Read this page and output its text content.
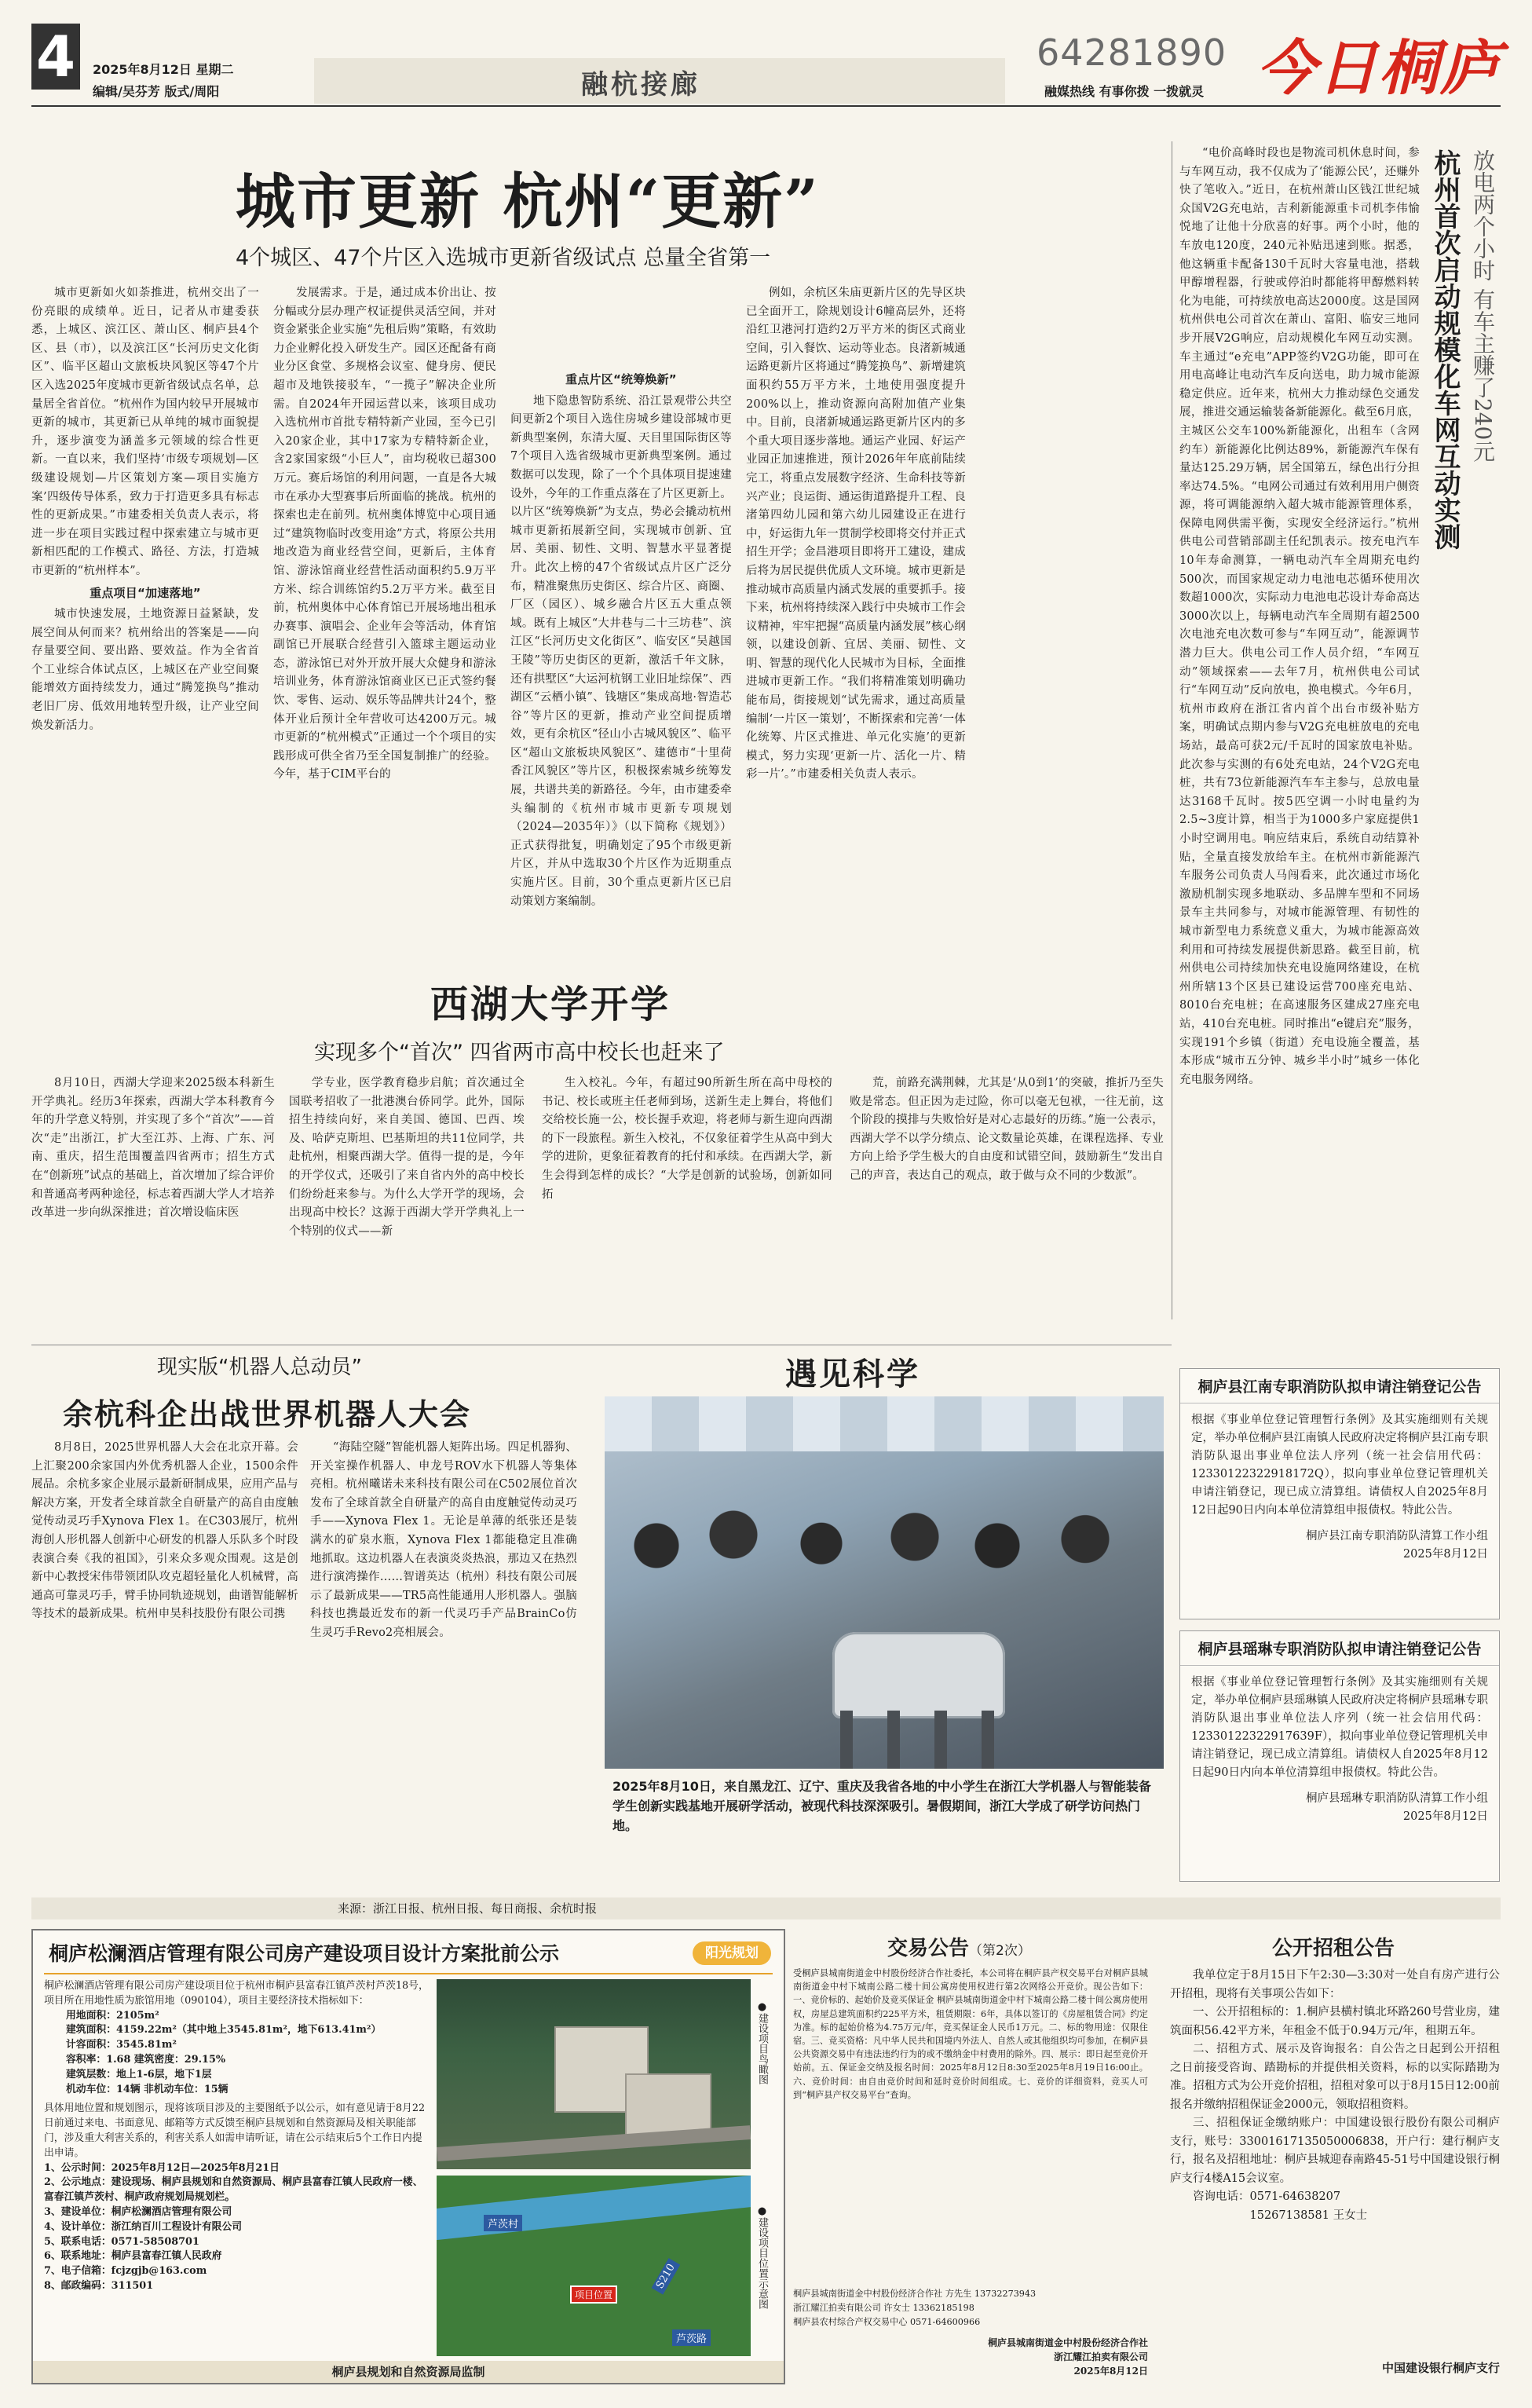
4	2025年8月12日 星期二
编辑/吴芬芳 版式/周阳	融杭接廊
64281890
融媒热线 有事你拨 一拨就灵 今日桐庐
城市更新 杭州“更新”
4个城区、47个片区入选城市更新省级试点 总量全省第一

城市更新如火如荼推进，杭州交出了一份亮眼的成绩单。近日，记者从市建委获悉，上城区、滨江区、萧山区、桐庐县4个区、县（市），以及滨江区“长河历史文化街区”、临平区超山文旅板块风貌区等47个片区入选2025年度城市更新省级试点名单，总量居全省首位。“杭州作为国内较早开展城市更新的城市，其更新已从单纯的城市面貌提升，逐步演变为涵盖多元领域的综合性更新。一直以来，我们坚持‘市级专项规划—区级建设规划—片区策划方案—项目实施方案’四级传导体系，致力于打造更多具有标志性的更新成果。”市建委相关负责人表示，将进一步在项目实践过程中探索建立与城市更新相匹配的工作模式、路径、方法，打造城市更新的“杭州样本”。

重点项目“加速落地”

城市快速发展，土地资源日益紧缺，发展空间从何而来？杭州给出的答案是——向存量要空间、要出路、要效益。作为全省首个工业综合体试点区，上城区在产业空间聚能增效方面持续发力，通过“腾笼换鸟”推动老旧厂房、低效用地转型升级，让产业空间焕发新活力。

发展需求。于是，通过成本价出让、按分幅或分层办理产权证提供灵活空间，并对资金紧张企业实施“先租后购”策略，有效助力企业孵化投入研发生产。园区还配备有商业分区食堂、多规格会议室、健身房、便民超市及地铁接驳车，“一揽子”解决企业所需。自2024年开园运营以来，该项目成功入选杭州市首批专精特新产业园，至今已引入20家企业，其中17家为专精特新企业，含2家国家级“小巨人”，亩均税收已超300万元。赛后场馆的利用问题，一直是各大城市在承办大型赛事后所面临的挑战。杭州的探索也走在前列。杭州奥体博览中心项目通过“建筑物临时改变用途”方式，将原公共用地改造为商业经营空间，更新后，主体育馆、游泳馆商业经营性活动面积约5.9万平方米、综合训练馆约5.2万平方米。截至目前，杭州奥体中心体育馆已开展场地出租承办赛事、演唱会、企业年会等活动，体育馆副馆已开展联合经营引入篮球主题运动业态，游泳馆已对外开放开展大众健身和游泳培训业务，体育游泳馆商业区已正式签约餐饮、零售、运动、娱乐等品牌共计24个，整体开业后预计全年营收可达4200万元。城市更新的“杭州模式”正通过一个个项目的实践形成可供全省乃至全国复制推广的经验。今年，基于CIM平台的

重点片区“统筹焕新”

地下隐患智防系统、沿江景观带公共空间更新2个项目入选住房城乡建设部城市更新典型案例，东清大厦、天目里国际街区等7个项目入选省级城市更新典型案例。通过数据可以发现，除了一个个具体项目提速建设外，今年的工作重点落在了片区更新上。以片区“统筹焕新”为支点，势必会撬动杭州城市更新拓展新空间，实现城市创新、宜居、美丽、韧性、文明、智慧水平显著提升。此次上榜的47个省级试点片区广泛分布，精准聚焦历史街区、综合片区、商圈、厂区（园区）、城乡融合片区五大重点领域。既有上城区“大井巷与二十三坊巷”、滨江区“长河历史文化街区”、临安区“吴越国王陵”等历史街区的更新，激活千年文脉，还有拱墅区“大运河杭钢工业旧址综保”、西湖区“云栖小镇”、钱塘区“集成高地·智造芯谷”等片区的更新，推动产业空间提质增效，更有余杭区“径山小古城风貌区”、临平区“超山文旅板块风貌区”、建德市“十里荷香江风貌区”等片区，积极探索城乡统筹发展，共谱共美的新路径。今年，由市建委牵头编制的《杭州市城市更新专项规划（2024—2035年）》（以下简称《规划》）正式获得批复，明确划定了95个市级更新片区，并从中选取30个片区作为近期重点实施片区。目前，30个重点更新片区已启动策划方案编制。

例如，余杭区朱庙更新片区的先导区块已全面开工，除规划设计6幢高层外，还将沿红卫港河打造约2万平方米的街区式商业空间，引入餐饮、运动等业态。良渚新城通运路更新片区将通过“腾笼换鸟”、新增建筑面积约55万平方米，土地使用强度提升200%以上，推动资源向高附加值产业集中。目前，良渚新城通运路更新片区内的多个重大项目逐步落地。通运产业园、好运产业园正加速推进，预计2026年年底前陆续完工，将重点发展数字经济、生命科技等新兴产业；良运街、通运街道路提升工程、良渚第四幼儿园和第六幼儿园建设正在进行中，好运街九年一贯制学校即将交付并正式招生开学；金昌港项目即将开工建设，建成后将为居民提供优质人文环境。城市更新是推动城市高质量内涵式发展的重要抓手。接下来，杭州将持续深入践行中央城市工作会议精神，牢牢把握“高质量内涵发展”核心纲领，以建设创新、宜居、美丽、韧性、文明、智慧的现代化人民城市为目标，全面推进城市更新工作。“我们将精准策划明确功能布局，街接规划“试先需求，通过高质量编制‘一片区一策划’，不断探索和完善‘一体化统筹、片区式推进、单元化实施’的更新模式，努力实现‘更新一片、活化一片、精彩一片’。”市建委相关负责人表示。

杭州首次启动规模化车网互动实测 放电两个小时 有车主赚了240元

“电价高峰时段也是物流司机休息时间，参与车网互动，我不仅成为了‘能源公民’，还赚外快了笔收入。”近日，在杭州萧山区钱江世纪城众国V2G充电站，吉利新能源重卡司机李伟愉悦地了让他十分欣喜的好事。两个小时，他的车放电120度，240元补贴迅速到账。据悉，他这辆重卡配备130千瓦时大容量电池，搭载甲醇增程器，行驶或停泊时都能将甲醇燃料转化为电能，可持续放电高达2000度。这是国网杭州供电公司首次在萧山、富阳、临安三地同步开展V2G响应，启动规模化车网互动实测。车主通过“e充电”APP签约V2G功能，即可在用电高峰让电动汽车反向送电，助力城市能源稳定供应。近年来，杭州大力推动绿色交通发展，推进交通运输装备新能源化。截至6月底，主城区公交车100%新能源化，出租车（含网约车）新能源化比例达89%，新能源汽车保有量达125.29万辆，居全国第五，绿色出行分担率达74.5%。“电网公司通过有效利用用户侧资源，将可调能源纳入超大城市能源管理体系，保障电网供需平衡，实现安全经济运行。”杭州供电公司营销部副主任纪凯表示。按充电汽车10年寿命测算，一辆电动汽车全周期充电约500次，而国家规定动力电池电芯循环使用次数超1000次，实际动力电池电芯设计寿命高达3000次以上，每辆电动汽车全周期有超2500次电池充电次数可参与“车网互动”，能源调节潜力巨大。供电公司工作人员介绍，“车网互动”领域探索——去年7月，杭州供电公司试行“车网互动”反向放电，换电模式。今年6月，杭州市政府在浙江省内首个出台市级补贴方案，明确试点期内参与V2G充电桩放电的充电场站，最高可获2元/千瓦时的国家放电补贴。此次参与实测的有6处充电站，24个V2G充电桩，共有73位新能源汽车车主参与，总放电量达3168千瓦时。按5匹空调一小时电量约为2.5~3度计算，相当于为1000多户家庭提供1小时空调用电。响应结束后，系统自动结算补贴，全量直接发放给车主。在杭州市新能源汽车服务公司负责人马闯看来，此次通过市场化激励机制实现多地联动、多品牌车型和不同场景车主共同参与，对城市能源管理、有韧性的城市新型电力系统意义重大，为城市能源高效利用和可持续发展提供新思路。截至目前，杭州供电公司持续加快充电设施网络建设，在杭州所辖13个区县已建设运营700座充电站、8010台充电桩；在高速服务区建成27座充电站，410台充电桩。同时推出“e键启充”服务，实现191个乡镇（街道）充电设施全覆盖，基本形成“城市五分钟、城乡半小时”城乡一体化充电服务网络。

西湖大学开学
实现多个“首次” 四省两市高中校长也赶来了

8月10日，西湖大学迎来2025级本科新生开学典礼。经历3年探索，西湖大学本科教育今年的升学意义特别，并实现了多个“首次”——首次“走”出浙江，扩大至江苏、上海、广东、河南、重庆，招生范围覆盖四省两市；招生方式在“创新班”试点的基础上，首次增加了综合评价和普通高考两种途径，标志着西湖大学人才培养改革进一步向纵深推进；首次增设临床医

学专业，医学教育稳步启航；首次通过全国联考招收了一批港澳台侨同学。此外，国际招生持续向好，来自美国、德国、巴西、埃及、哈萨克斯坦、巴基斯坦的共11位同学，共赴杭州，相聚西湖大学。值得一提的是，今年的开学仪式，还吸引了来自省内外的高中校长们纷纷赶来参与。为什么大学开学的现场，会出现高中校长？这源于西湖大学开学典礼上一个特别的仪式——新

生入校礼。今年，有超过90所新生所在高中母校的书记、校长或班主任老师到场，送新生走上舞台，将他们交给校长施一公，校长握手欢迎，将老师与新生迎向西湖的下一段旅程。新生入校礼，不仅象征着学生从高中到大学的进阶，更象征着教育的托付和承续。在西湖大学，新生会得到怎样的成长？“大学是创新的试验场，创新如同拓

荒，前路充满荆棘，尤其是‘从0到1’的突破，推折乃至失败是常态。但正因为走过险，你可以毫无包袱，一往无前，这个阶段的摸排与失败恰好是对心志最好的历练。”施一公表示，西湖大学不以学分绩点、论文数量论英雄，在课程选择、专业方向上给予学生极大的自由度和试错空间，鼓励新生“发出自己的声音，表达自己的观点，敢于做与众不同的少数派”。

现实版“机器人总动员”
余杭科企出战世界机器人大会

8月8日，2025世界机器人大会在北京开幕。会上汇聚200余家国内外优秀机器人企业，1500余件展品。余杭多家企业展示最新研制成果，应用产品与解决方案，开发者全球首款全自研量产的高自由度触觉传动灵巧手Xynova Flex 1。在C303展厅，杭州海创人形机器人创新中心研发的机器人乐队多个时段表演合奏《我的祖国》，引来众多观众围观。这是创新中心教授宋伟带领团队攻克超轻量化人机械臂，高通高可靠灵巧手，臂手协同轨迹规划，曲谱智能解析等技术的最新成果。杭州申昊科技股份有限公司携

“海陆空隧”智能机器人矩阵出场。四足机器狗、开关室操作机器人、申龙号ROV水下机器人等集体亮相。杭州曦诺未来科技有限公司在C502展位首次发布了全球首款全自研量产的高自由度触觉传动灵巧手——Xynova Flex 1。无论是单薄的纸张还是装满水的矿泉水瓶，Xynova Flex 1都能稳定且准确地抓取。这边机器人在表演炎炎热浪，那边又在热烈进行演湾操作……智谱英达（杭州）科技有限公司展示了最新成果——TR5高性能通用人形机器人。强脑科技也携最近发布的新一代灵巧手产品BrainCo仿生灵巧手Revo2亮相展会。

遇见科学
2025年8月10日，来自黑龙江、辽宁、重庆及我省各地的中小学生在浙江大学机器人与智能装备学生创新实践基地开展研学活动，被现代科技深深吸引。暑假期间，浙江大学成了研学访问热门地。
桐庐县江南专职消防队拟申请注销登记公告
根据《事业单位登记管理暂行条例》及其实施细则有关规定，举办单位桐庐县江南镇人民政府决定将桐庐县江南专职消防队退出事业单位法人序列（统一社会信用代码：12330122322918172Q），拟向事业单位登记管理机关申请注销登记，现已成立清算组。请债权人自2025年8月12日起90日内向本单位清算组申报债权。特此公告。
桐庐县江南专职消防队清算工作小组
2025年8月12日
桐庐县瑶琳专职消防队拟申请注销登记公告
根据《事业单位登记管理暂行条例》及其实施细则有关规定，举办单位桐庐县瑶琳镇人民政府决定将桐庐县瑶琳专职消防队退出事业单位法人序列（统一社会信用代码：12330122322917639F），拟向事业单位登记管理机关申请注销登记，现已成立清算组。请债权人自2025年8月12日起90日内向本单位清算组申报债权。特此公告。
桐庐县瑶琳专职消防队清算工作小组
2025年8月12日
来源：浙江日报、杭州日报、每日商报、余杭时报
桐庐松澜酒店管理有限公司房产建设项目设计方案批前公示	阳光规划
桐庐松澜酒店管理有限公司房产建设项目位于杭州市桐庐县富春江镇芦茨村芦茨18号，项目所在用地性质为旅馆用地（090104），项目主要经济技术指标如下：
用地面积：2105m²
建筑面积：4159.22m²（其中地上3545.81m²，地下613.41m²）
计容面积：3545.81m²
容积率：1.68 建筑密度：29.15%
建筑层数：地上1-6层，地下1层
机动车位：14辆 非机动车位：15辆
具体用地位置和规划图示，现将该项目涉及的主要图纸予以公示，如有意见请于8月22日前通过来电、书面意见、邮箱等方式反馈至桐庐县规划和自然资源局及相关职能部门，涉及重大利害关系的，利害关系人如需申请听证，请在公示结束后5个工作日内提出申请。
1、公示时间：2025年8月12日—2025年8月21日
2、公示地点：建设现场、桐庐县规划和自然资源局、桐庐县富春江镇人民政府一楼、富春江镇芦茨村、桐庐政府规划局规划栏。
3、建设单位：桐庐松澜酒店管理有限公司
4、设计单位：浙江纳百川工程设计有限公司
5、联系电话：0571-58508701
6、联系地址：桐庐县富春江镇人民政府
7、电子信箱：fcjzgjb@163.com
8、邮政编码：311501
●建设项目鸟瞰图
芦茨村
S210
项目位置
芦茨路
●建设项目位置示意图
桐庐县规划和自然资源局监制
交易公告（第2次）
受桐庐县城南街道金中村股份经济合作社委托，本公司将在桐庐县产权交易平台对桐庐县城南街道金中村下城南公路二楼十间公寓房使用权进行第2次网络公开竞价。现公告如下：一、竞价标的、起始价及竞买保证金 桐庐县城南街道金中村下城南公路二楼十间公寓房使用权，房屋总建筑面积约225平方米，租赁期限：6年，具体以签订的《房屋租赁合同》约定为准。标的起始价格为4.75万元/年，竞买保证金人民币1万元。二、标的物用途：仅限住宿。三、竞买资格：凡中华人民共和国境内外法人、自然人或其他组织均可参加，在桐庐县公共资源交易中有违法违约行为的或不缴纳金中村费用的除外。四、展示：即日起至竞价开始前。五、保证金交纳及报名时间：2025年8月12日8:30至2025年8月19日16:00止。六、竞价时间：由自由竞价时间和延时竞价时间组成。七、竞价的详细资料，竞买人可到“桐庐县产权交易平台”查询。
桐庐县城南街道金中村股份经济合作社 方先生 13732273943
浙江耀江拍卖有限公司 许女士 13362185198
桐庐县农村综合产权交易中心 0571-64600966
桐庐县城南街道金中村股份经济合作社
浙江耀江拍卖有限公司
2025年8月12日
公开招租公告

我单位定于8月15日下午2:30—3:30对一处自有房产进行公开招租，现将有关事项公告如下：

一、公开招租标的：1.桐庐县横村镇北环路260号营业房，建筑面积56.42平方米，年租金不低于0.94万元/年，租期五年。

二、招租方式、展示及咨询报名：自公告之日起到公开招租之日前接受咨询、踏勘标的并提供相关资料，标的以实际踏勘为准。招租方式为公开竞价招租，招租对象可以于8月15日12:00前报名并缴纳招租保证金2000元，领取招租资料。

三、招租保证金缴纳账户：中国建设银行股份有限公司桐庐支行，账号：33001617135050006838，开户行：建行桐庐支行，报名及招租地址：桐庐县城迎春南路45-51号中国建设银行桐庐支行4楼A15会议室。

咨询电话：0571-64638207

15267138581 王女士

中国建设银行桐庐支行
